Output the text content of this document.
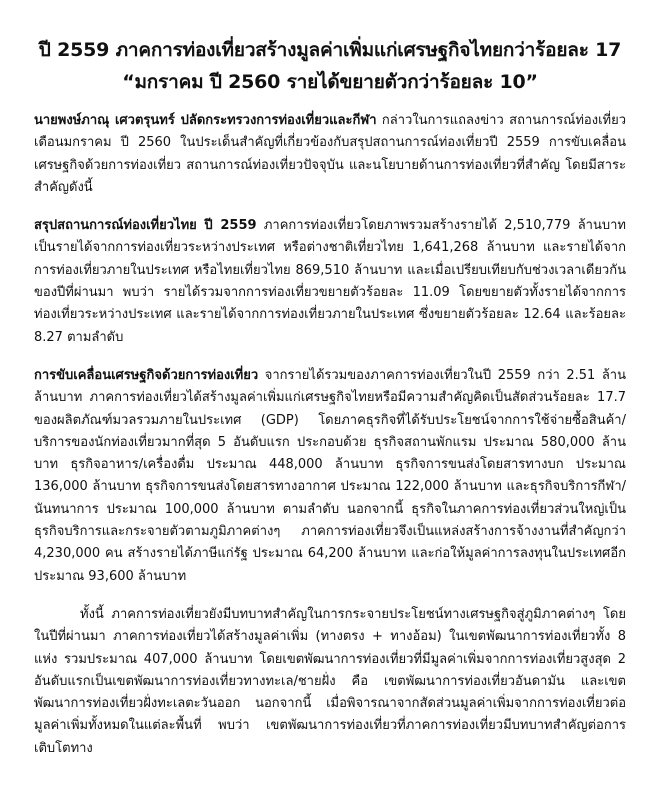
ปี 2559 ภาคการท่องเที่ยวสร้างมูลค่าเพิ่มแก่เศรษฐกิจไทยกว่าร้อยละ 17
“มกราคม ปี 2560 รายได้ขยายตัวกว่าร้อยละ 10”

นายพงษ์ภาณุ เศวตรุนทร์ ปลัดกระทรวงการท่องเที่ยวและกีฬา กล่าวในการแถลงข่าว สถานการณ์ท่องเที่ยวเดือนมกราคม ปี 2560 ในประเด็นสำคัญที่เกี่ยวข้องกับสรุปสถานการณ์ท่องเที่ยวปี 2559 การขับเคลื่อนเศรษฐกิจด้วยการท่องเที่ยว สถานการณ์ท่องเที่ยวปัจจุบัน และนโยบายด้านการท่องเที่ยวที่สำคัญ โดยมีสาระสำคัญดังนี้

สรุปสถานการณ์ท่องเที่ยวไทย ปี 2559 ภาคการท่องเที่ยวโดยภาพรวมสร้างรายได้ 2,510,779 ล้านบาท เป็นรายได้จากการท่องเที่ยวระหว่างประเทศ หรือต่างชาติเที่ยวไทย 1,641,268 ล้านบาท และรายได้จากการท่องเที่ยวภายในประเทศ หรือไทยเที่ยวไทย 869,510 ล้านบาท และเมื่อเปรียบเทียบกับช่วงเวลาเดียวกันของปีที่ผ่านมา พบว่า รายได้รวมจากการท่องเที่ยวขยายตัวร้อยละ 11.09 โดยขยายตัวทั้งรายได้จากการท่องเที่ยวระหว่างประเทศ และรายได้จากการท่องเที่ยวภายในประเทศ ซึ่งขยายตัวร้อยละ 12.64 และร้อยละ 8.27 ตามลำดับ

การขับเคลื่อนเศรษฐกิจด้วยการท่องเที่ยว จากรายได้รวมของภาคการท่องเที่ยวในปี 2559 กว่า 2.51 ล้านล้านบาท ภาคการท่องเที่ยวได้สร้างมูลค่าเพิ่มแก่เศรษฐกิจไทยหรือมีความสำคัญคิดเป็นสัดส่วนร้อยละ 17.7 ของผลิตภัณฑ์มวลรวมภายในประเทศ (GDP) โดยภาคธุรกิจที่ได้รับประโยชน์จากการใช้จ่ายซื้อสินค้า/บริการของนักท่องเที่ยวมากที่สุด 5 อันดับแรก ประกอบด้วย ธุรกิจสถานพักแรม ประมาณ 580,000 ล้านบาท ธุรกิจอาหาร/เครื่องดื่ม ประมาณ 448,000 ล้านบาท ธุรกิจการขนส่งโดยสารทางบก ประมาณ 136,000 ล้านบาท ธุรกิจการขนส่งโดยสารทางอากาศ ประมาณ 122,000 ล้านบาท และธุรกิจบริการกีฬา/นันทนาการ ประมาณ 100,000 ล้านบาท ตามลำดับ นอกจากนี้ ธุรกิจในภาคการท่องเที่ยวส่วนใหญ่เป็นธุรกิจบริการและกระจายตัวตามภูมิภาคต่างๆ ภาคการท่องเที่ยวจึงเป็นแหล่งสร้างการจ้างงานที่สำคัญกว่า 4,230,000 คน สร้างรายได้ภาษีแก่รัฐ ประมาณ 64,200 ล้านบาท และก่อให้มูลค่าการลงทุนในประเทศอีก ประมาณ 93,600 ล้านบาท

ทั้งนี้ ภาคการท่องเที่ยวยังมีบทบาทสำคัญในการกระจายประโยชน์ทางเศรษฐกิจสู่ภูมิภาคต่างๆ โดยในปีที่ผ่านมา ภาคการท่องเที่ยวได้สร้างมูลค่าเพิ่ม (ทางตรง + ทางอ้อม) ในเขตพัฒนาการท่องเที่ยวทั้ง 8 แห่ง รวมประมาณ 407,000 ล้านบาท โดยเขตพัฒนาการท่องเที่ยวที่มีมูลค่าเพิ่มจากการท่องเที่ยวสูงสุด 2 อันดับแรกเป็นเขตพัฒนาการท่องเที่ยวทางทะเล/ชายฝั่ง คือ เขตพัฒนาการท่องเที่ยวอันดามัน และเขตพัฒนาการท่องเที่ยวฝั่งทะเลตะวันออก นอกจากนี้ เมื่อพิจารณาจากสัดส่วนมูลค่าเพิ่มจากการท่องเที่ยวต่อมูลค่าเพิ่มทั้งหมดในแต่ละพื้นที่ พบว่า เขตพัฒนาการท่องเที่ยวที่ภาคการท่องเที่ยวมีบทบาทสำคัญต่อการเติบโตทาง
